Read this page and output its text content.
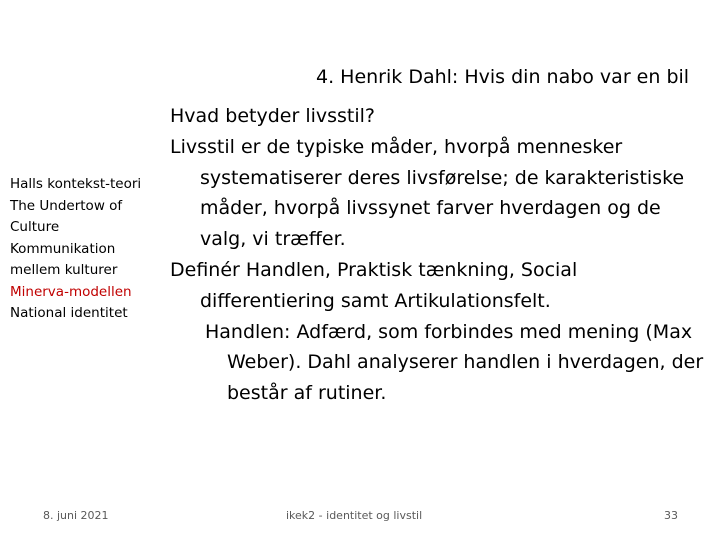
Halls kontekst-teori
The Undertow of
Culture
Kommunikation
mellem kulturer
Minerva-modellen
National identitet
4. Henrik Dahl: Hvis din nabo var en bil
Hvad betyder livsstil?
Livsstil er de typiske måder, hvorpå mennesker systematiserer deres livsførelse; de karakteristiske måder, hvorpå livssynet farver hverdagen og de valg, vi træffer.
Definér Handlen, Praktisk tænkning, Social differentiering samt Artikulationsfelt.
Handlen: Adfærd, som forbindes med mening (Max Weber). Dahl analyserer handlen i hverdagen, der består af rutiner.
8. juni 2021	ikek2 - identitet og livstil	33
